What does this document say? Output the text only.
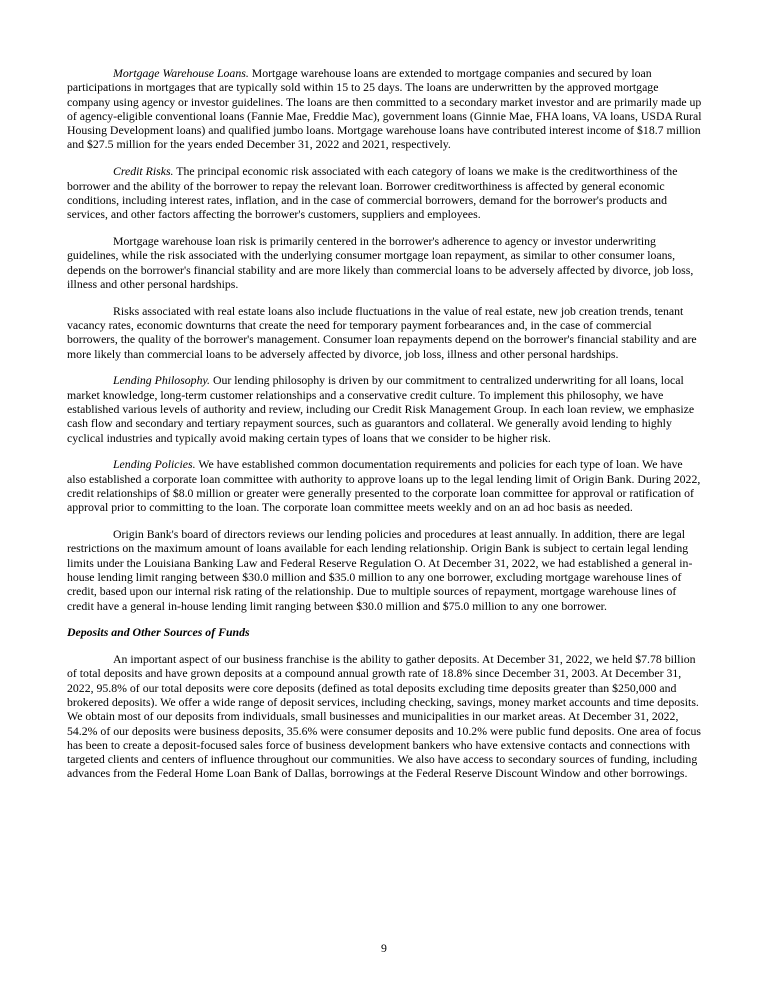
Mortgage Warehouse Loans. Mortgage warehouse loans are extended to mortgage companies and secured by loan participations in mortgages that are typically sold within 15 to 25 days. The loans are underwritten by the approved mortgage company using agency or investor guidelines. The loans are then committed to a secondary market investor and are primarily made up of agency-eligible conventional loans (Fannie Mae, Freddie Mac), government loans (Ginnie Mae, FHA loans, VA loans, USDA Rural Housing Development loans) and qualified jumbo loans. Mortgage warehouse loans have contributed interest income of $18.7 million and $27.5 million for the years ended December 31, 2022 and 2021, respectively.

Credit Risks. The principal economic risk associated with each category of loans we make is the creditworthiness of the borrower and the ability of the borrower to repay the relevant loan. Borrower creditworthiness is affected by general economic conditions, including interest rates, inflation, and in the case of commercial borrowers, demand for the borrower's products and services, and other factors affecting the borrower's customers, suppliers and employees.

Mortgage warehouse loan risk is primarily centered in the borrower's adherence to agency or investor underwriting guidelines, while the risk associated with the underlying consumer mortgage loan repayment, as similar to other consumer loans, depends on the borrower's financial stability and are more likely than commercial loans to be adversely affected by divorce, job loss, illness and other personal hardships.

Risks associated with real estate loans also include fluctuations in the value of real estate, new job creation trends, tenant vacancy rates, economic downturns that create the need for temporary payment forbearances and, in the case of commercial borrowers, the quality of the borrower's management. Consumer loan repayments depend on the borrower's financial stability and are more likely than commercial loans to be adversely affected by divorce, job loss, illness and other personal hardships.

Lending Philosophy. Our lending philosophy is driven by our commitment to centralized underwriting for all loans, local market knowledge, long-term customer relationships and a conservative credit culture. To implement this philosophy, we have established various levels of authority and review, including our Credit Risk Management Group. In each loan review, we emphasize cash flow and secondary and tertiary repayment sources, such as guarantors and collateral. We generally avoid lending to highly cyclical industries and typically avoid making certain types of loans that we consider to be higher risk.

Lending Policies. We have established common documentation requirements and policies for each type of loan. We have also established a corporate loan committee with authority to approve loans up to the legal lending limit of Origin Bank. During 2022, credit relationships of $8.0 million or greater were generally presented to the corporate loan committee for approval or ratification of approval prior to committing to the loan. The corporate loan committee meets weekly and on an ad hoc basis as needed.

Origin Bank's board of directors reviews our lending policies and procedures at least annually. In addition, there are legal restrictions on the maximum amount of loans available for each lending relationship. Origin Bank is subject to certain legal lending limits under the Louisiana Banking Law and Federal Reserve Regulation O. At December 31, 2022, we had established a general in-house lending limit ranging between $30.0 million and $35.0 million to any one borrower, excluding mortgage warehouse lines of credit, based upon our internal risk rating of the relationship. Due to multiple sources of repayment, mortgage warehouse lines of credit have a general in-house lending limit ranging between $30.0 million and $75.0 million to any one borrower.

Deposits and Other Sources of Funds

An important aspect of our business franchise is the ability to gather deposits. At December 31, 2022, we held $7.78 billion of total deposits and have grown deposits at a compound annual growth rate of 18.8% since December 31, 2003. At December 31, 2022, 95.8% of our total deposits were core deposits (defined as total deposits excluding time deposits greater than $250,000 and brokered deposits). We offer a wide range of deposit services, including checking, savings, money market accounts and time deposits. We obtain most of our deposits from individuals, small businesses and municipalities in our market areas. At December 31, 2022, 54.2% of our deposits were business deposits, 35.6% were consumer deposits and 10.2% were public fund deposits. One area of focus has been to create a deposit-focused sales force of business development bankers who have extensive contacts and connections with targeted clients and centers of influence throughout our communities. We also have access to secondary sources of funding, including advances from the Federal Home Loan Bank of Dallas, borrowings at the Federal Reserve Discount Window and other borrowings.

9
